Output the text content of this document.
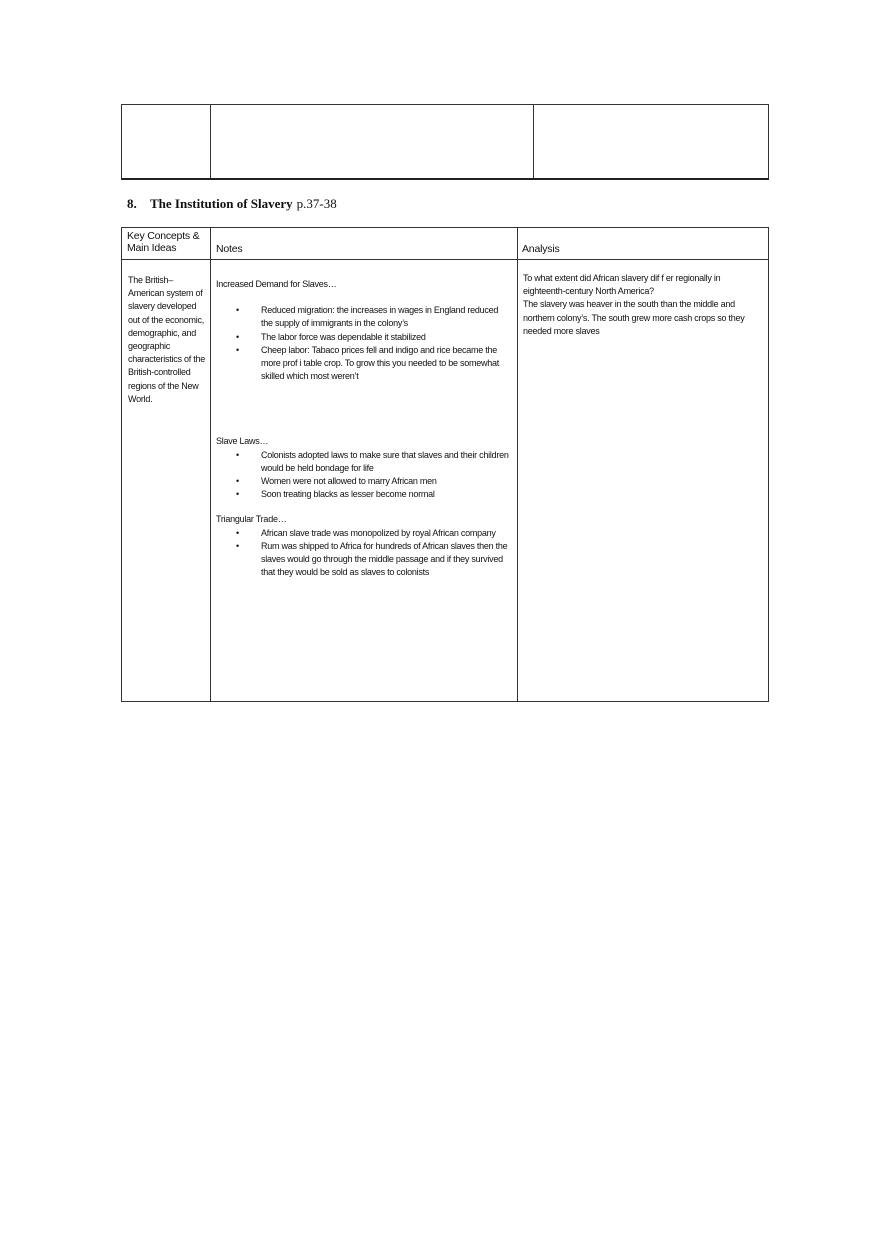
8. The Institution of Slavery p.37-38
Key Concepts & Main Ideas	Notes	Analysis
The British–American system of slavery developed out of the economic, demographic, and geographic characteristics of the British-controlled regions of the New World.

Increased Demand for Slaves…

• Reduced migration: the increases in wages in England reduced the supply of immigrants in the colony’s
• The labor force was dependable it stabilized
• Cheep labor: Tabaco prices fell and indigo and rice became the more prof i table crop. To grow this you needed to be somewhat skilled which most weren’t

Slave Laws…

• Colonists adopted laws to make sure that slaves and their children would be held bondage for life
• Women were not allowed to marry African men
• Soon treating blacks as lesser become normal

Triangular Trade…

• African slave trade was monopolized by royal African company
• Rum was shipped to Africa for hundreds of African slaves then the slaves would go through the middle passage and if they survived that they would be sold as slaves to colonists

To what extent did African slavery dif f er regionally in eighteenth-century North America?

The slavery was heaver in the south than the middle and northern colony’s. The south grew more cash crops so they needed more slaves
